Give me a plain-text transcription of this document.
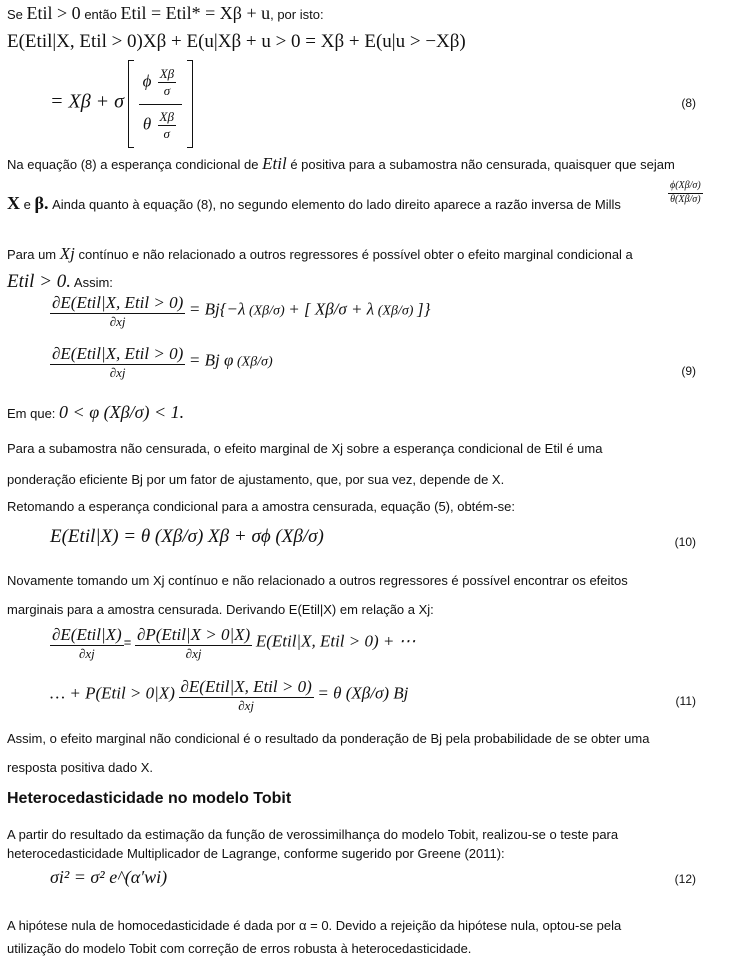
Se Etil > 0 então Etil = Etil* = Xβ + u, por isto:
E(Etil|X, Etil > 0)Xβ + E(u|Xβ + u > 0 = Xβ + E(u|u > −Xβ)
= Xβ + σ $\frac{\phi \frac{X\beta}{\sigma}}{\theta \frac{X\beta}{\sigma}}$	(8)
Na equação (8) a esperança condicional de Etil é positiva para a subamostra não censurada, quaisquer que sejam
X e β. Ainda quanto à equação (8), no segundo elemento do lado direito aparece a razão inversa de Mills	$\frac{\phi(X\beta/\sigma)}{\theta(X\beta/\sigma)}$
Para um Xj contínuo e não relacionado a outros regressores é possível obter o efeito marginal condicional a
Etil > 0. Assim:
$\frac{\text{∂E(Etil|X, Etil > 0)}}{\partial xj} = Bj\{-\lambda$ (Xβ/σ) + [ Xβ/σ + λ (Xβ/σ) ]}
$\frac{\text{∂E(Etil|X, Etil > 0)}}{\partial xj} = Bj$ φ (Xβ/σ)
(9)
Em que: 0 < φ (Xβ/σ) < 1.
Para a subamostra não censurada, o efeito marginal de Xj sobre a esperança condicional de Etil é uma
ponderação eficiente Bj por um fator de ajustamento, que, por sua vez, depende de X.
Retomando a esperança condicional para a amostra censurada, equação (5), obtém-se:
E(Etil|X) = θ (Xβ/σ) Xβ + σϕ (Xβ/σ)	(10)
Novamente tomando um Xj contínuo e não relacionado a outros regressores é possível encontrar os efeitos
marginais para a amostra censurada. Derivando E(Etil|X) em relação a Xj:
$\frac{\text{∂E(Etil|X)}}{\partial xj} = \frac{\text{∂P(Etil|X > 0|X)}}{\partial xj}$ E(Etil|X, Etil > 0) + ⋯
… + P(Etil > $0|X) \frac{\text{∂E(Etil|X, Etil > 0)}}{\partial xj} = \theta$ (Xβ/σ) Bj	(11)
Assim, o efeito marginal não condicional é o resultado da ponderação de Bj pela probabilidade de se obter uma
resposta positiva dado X.
Heterocedasticidade no modelo Tobit
A partir do resultado da estimação da função de verossimilhança do modelo Tobit, realizou-se o teste para
heterocedasticidade Multiplicador de Lagrange, conforme sugerido por Greene (2011):
σi² = σ² e^(α′wi)	(12)
A hipótese nula de homocedasticidade é dada por α = 0. Devido a rejeição da hipótese nula, optou-se pela
utilização do modelo Tobit com correção de erros robusta à heterocedasticidade.
